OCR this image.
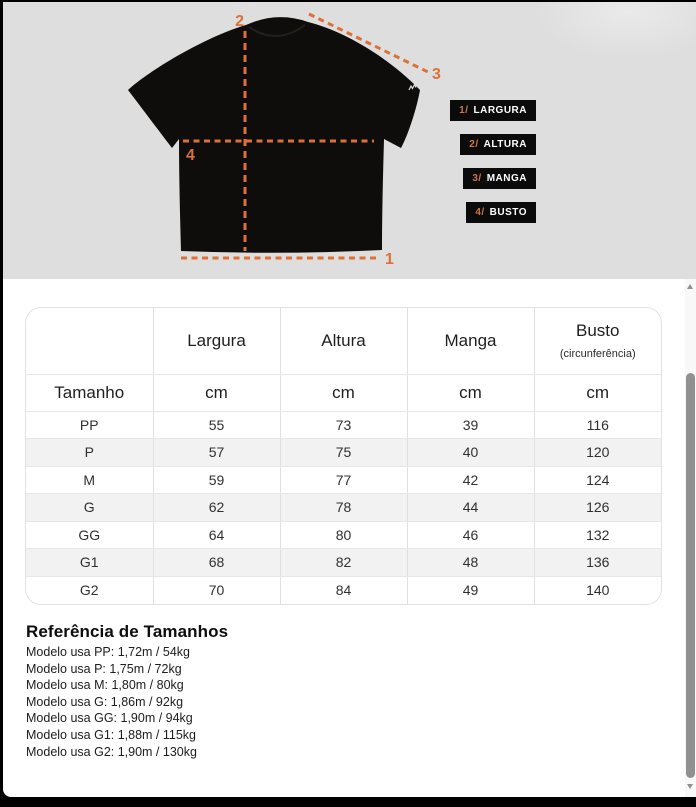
1
2
3
4
1/ LARGURA
2/ ALTURA
3/ MANGA
4/ BUSTO
	Largura	Altura	Manga	Busto
(circunferência)

Tamanho	cm	cm	cm	cm
PP	55	73	39	116
P	57	75	40	120
M	59	77	42	124
G	62	78	44	126
GG	64	80	46	132
G1	68	82	48	136
G2	70	84	49	140
Referência de Tamanhos
Modelo usa PP: 1,72m / 54kg
Modelo usa P: 1,75m / 72kg
Modelo usa M: 1,80m / 80kg
Modelo usa G: 1,86m / 92kg
Modelo usa GG: 1,90m / 94kg
Modelo usa G1: 1,88m / 115kg
Modelo usa G2: 1,90m / 130kg
